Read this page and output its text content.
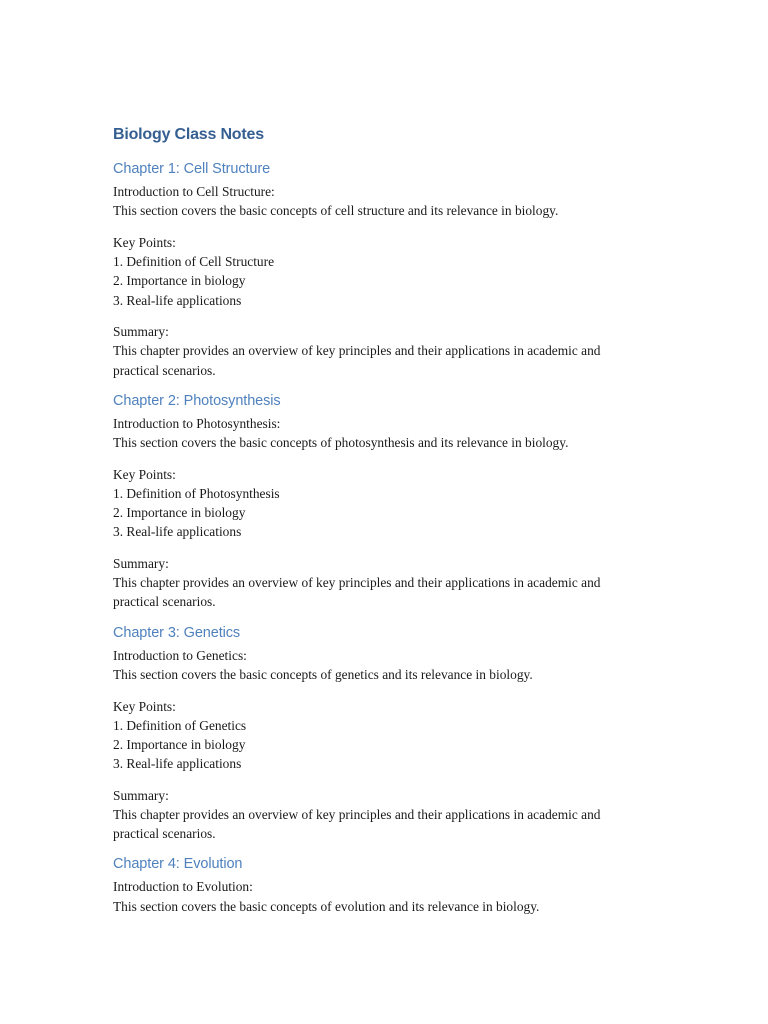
Biology Class Notes
Chapter 1: Cell Structure

Introduction to Cell Structure:

This section covers the basic concepts of cell structure and its relevance in biology.

Key Points:

1. Definition of Cell Structure

2. Importance in biology

3. Real-life applications

Summary:

This chapter provides an overview of key principles and their applications in academic and

practical scenarios.

Chapter 2: Photosynthesis

Introduction to Photosynthesis:

This section covers the basic concepts of photosynthesis and its relevance in biology.

Key Points:

1. Definition of Photosynthesis

2. Importance in biology

3. Real-life applications

Summary:

This chapter provides an overview of key principles and their applications in academic and

practical scenarios.

Chapter 3: Genetics

Introduction to Genetics:

This section covers the basic concepts of genetics and its relevance in biology.

Key Points:

1. Definition of Genetics

2. Importance in biology

3. Real-life applications

Summary:

This chapter provides an overview of key principles and their applications in academic and

practical scenarios.

Chapter 4: Evolution

Introduction to Evolution:

This section covers the basic concepts of evolution and its relevance in biology.
